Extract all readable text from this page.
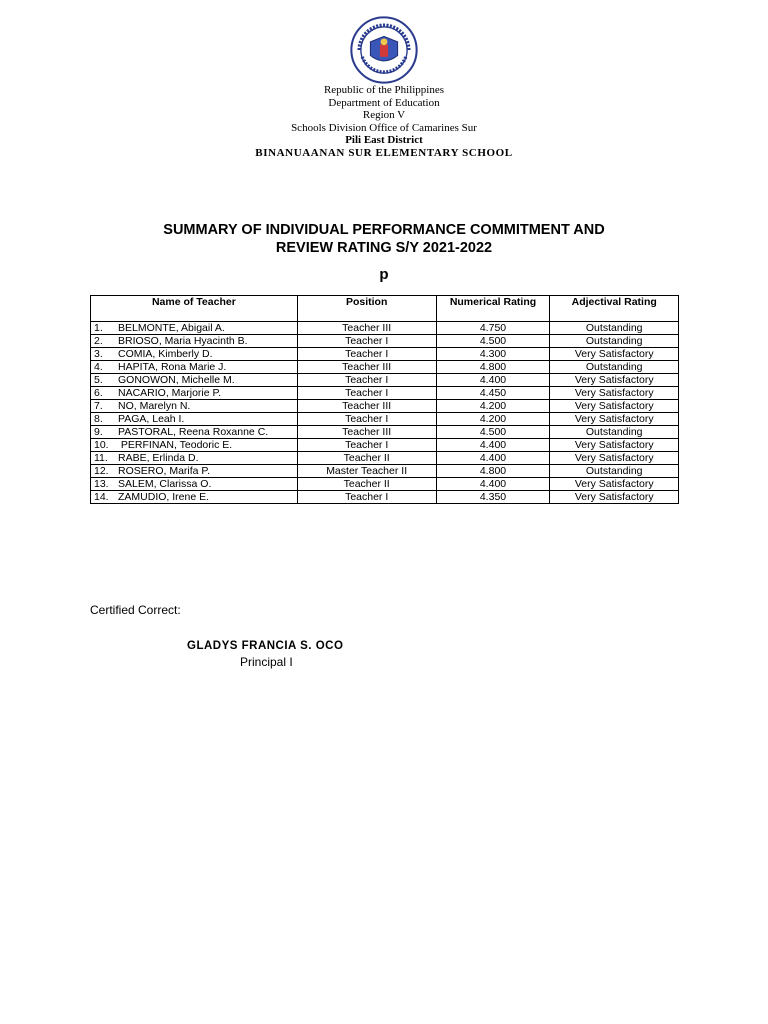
Republic of the Philippines
Department of Education
Region V
Schools Division Office of Camarines Sur
Pili East District
BINANUAANAN SUR ELEMENTARY SCHOOL
SUMMARY OF INDIVIDUAL PERFORMANCE COMMITMENT AND
REVIEW RATING S/Y 2021-2022
p
Name of Teacher	Position	Numerical Rating	Adjectival Rating
1. BELMONTE, Abigail A.	Teacher III	4.750	Outstanding
2. BRIOSO, Maria Hyacinth B.	Teacher I	4.500	Outstanding
3. COMIA, Kimberly D.	Teacher I	4.300	Very Satisfactory
4. HAPITA, Rona Marie J.	Teacher III	4.800	Outstanding
5. GONOWON, Michelle M.	Teacher I	4.400	Very Satisfactory
6. NACARIO, Marjorie P.	Teacher I	4.450	Very Satisfactory
7. NO, Marelyn N.	Teacher III	4.200	Very Satisfactory
8. PAGA, Leah I.	Teacher I	4.200	Very Satisfactory
9. PASTORAL, Reena Roxanne C.	Teacher III	4.500	Outstanding
10. PERFINAN, Teodoric E.	Teacher I	4.400	Very Satisfactory
11. RABE, Erlinda D.	Teacher II	4.400	Very Satisfactory
12. ROSERO, Marifa P.	Master Teacher II	4.800	Outstanding
13. SALEM, Clarissa O.	Teacher II	4.400	Very Satisfactory
14. ZAMUDIO, Irene E.	Teacher I	4.350	Very Satisfactory
Certified Correct:
GLADYS FRANCIA S. OCO
Principal I
